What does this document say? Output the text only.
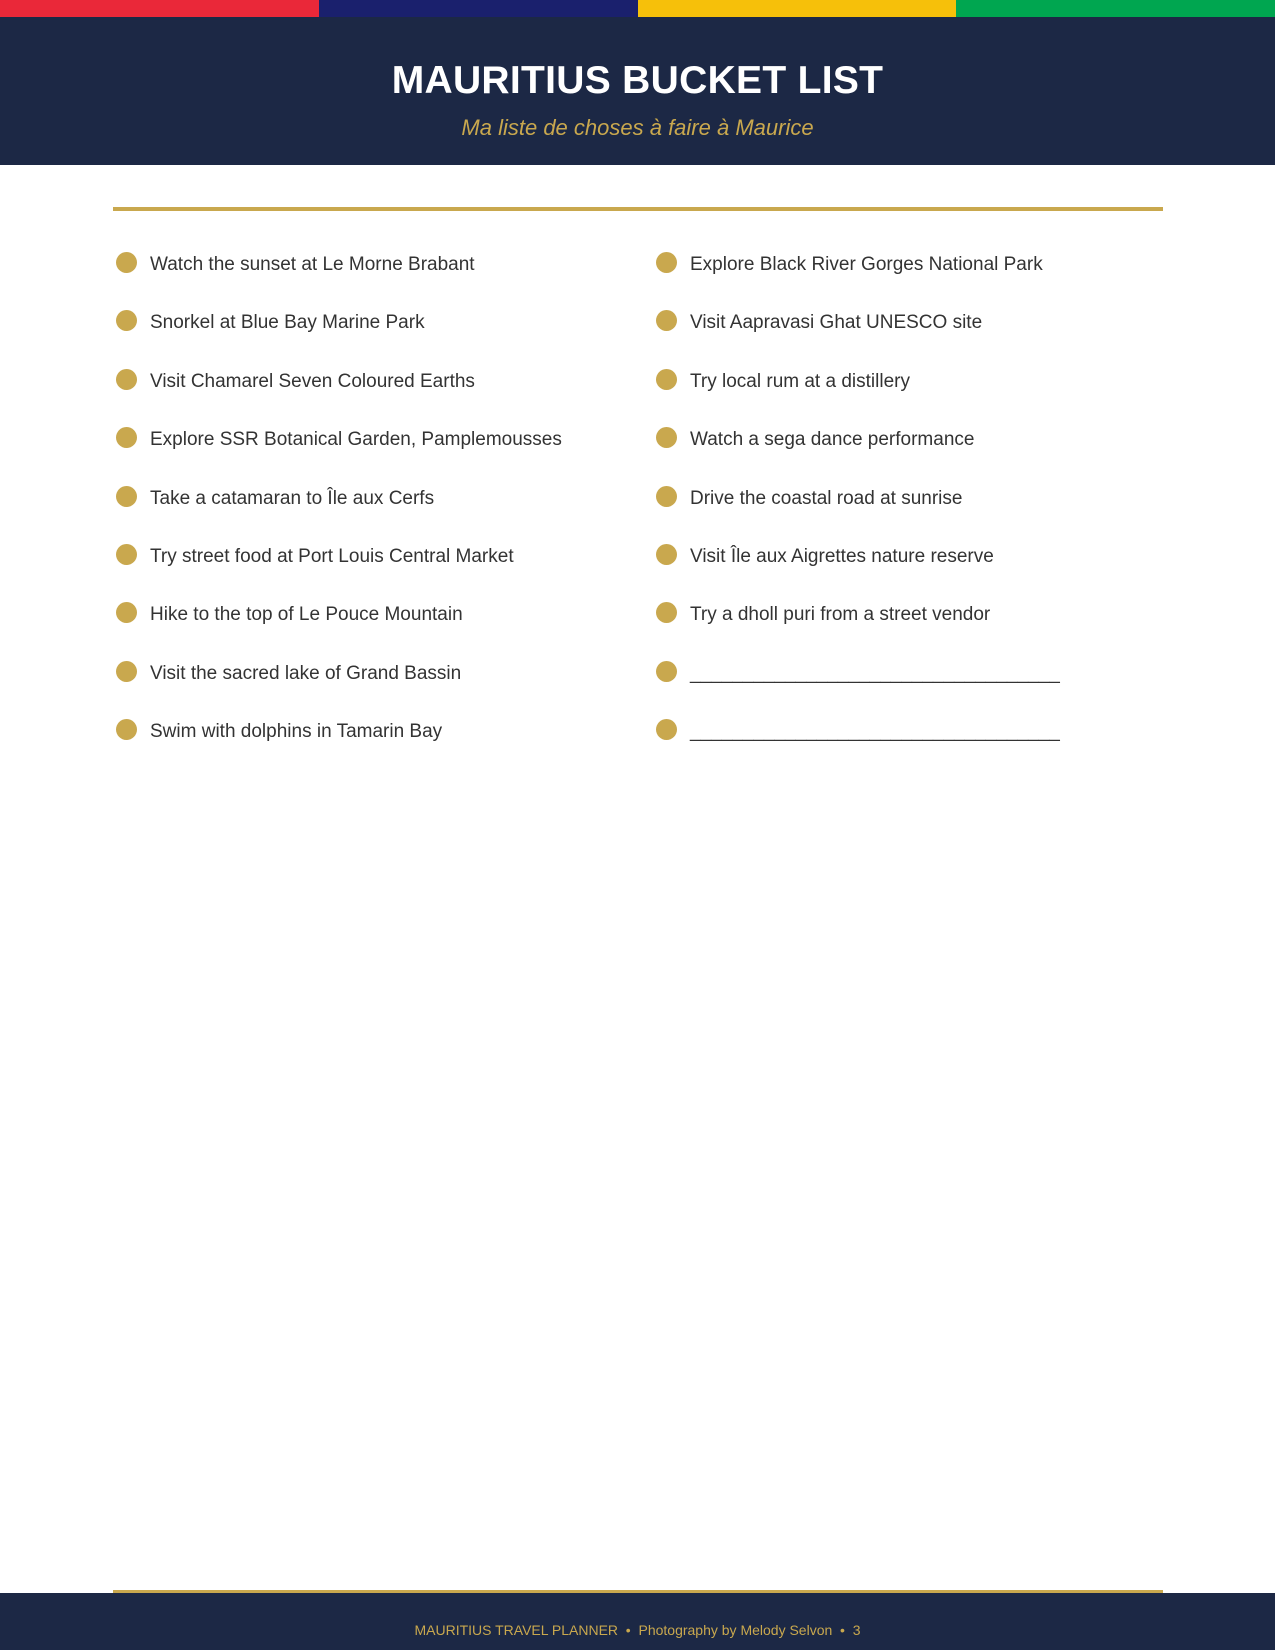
MAURITIUS BUCKET LIST

Ma liste de choses à faire à Maurice

Watch the sunset at Le Morne Brabant
Snorkel at Blue Bay Marine Park
Visit Chamarel Seven Coloured Earths
Explore SSR Botanical Garden, Pamplemousses
Take a catamaran to Île aux Cerfs
Try street food at Port Louis Central Market
Hike to the top of Le Pouce Mountain
Visit the sacred lake of Grand Bassin
Swim with dolphins in Tamarin Bay
Explore Black River Gorges National Park
Visit Aapravasi Ghat UNESCO site
Try local rum at a distillery
Watch a sega dance performance
Drive the coastal road at sunrise
Visit Île aux Aigrettes nature reserve
Try a dholl puri from a street vendor
___________________________________
___________________________________
MAURITIUS TRAVEL PLANNER  •  Photography by Melody Selvon  •  3
